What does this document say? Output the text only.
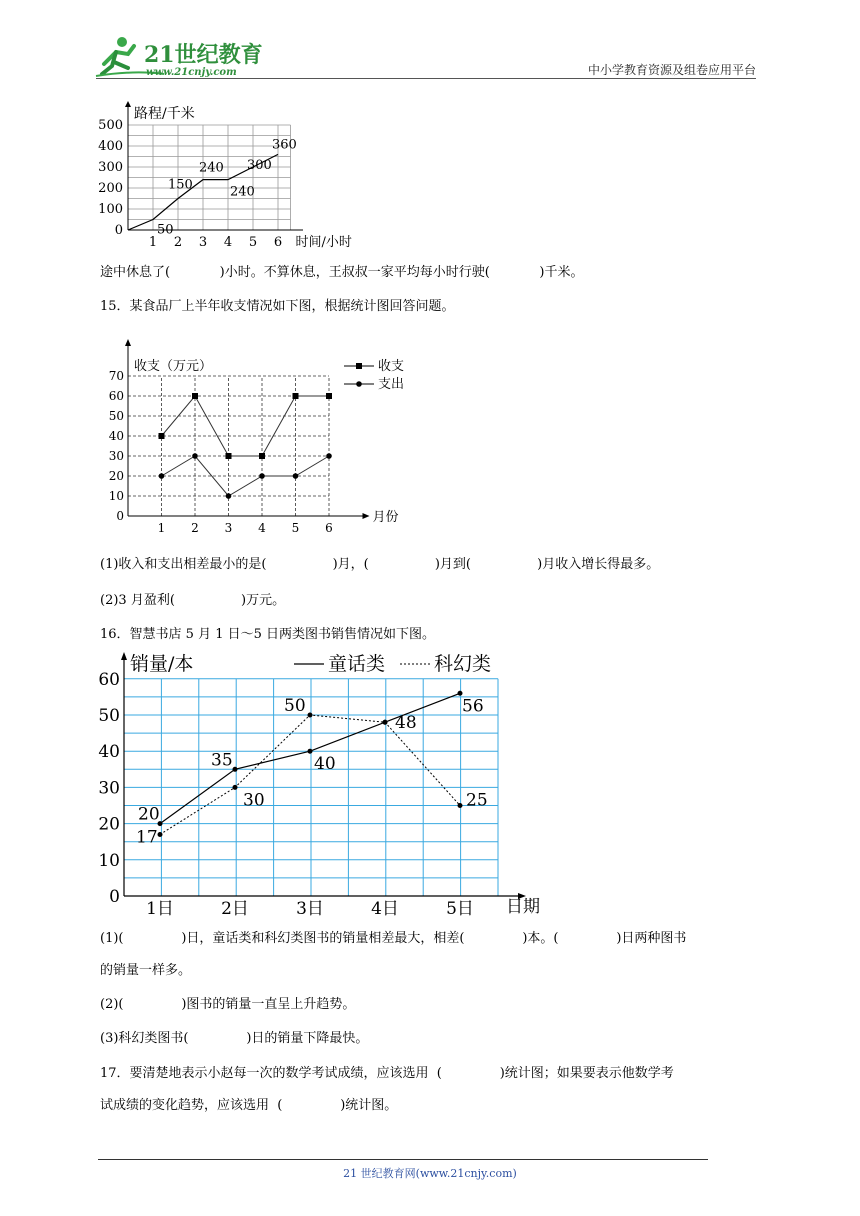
21世纪教育
www.21cnjy.com	中小学教育资源及组卷应用平台
路程/千米
时间/小时
0
100
200
300
400
500
1 2 3 4 5 6
50
150
240
240
300
360
途中休息了(            )小时。不算休息，王叔叔一家平均每小时行驶(            )千米。
15．某食品厂上半年收支情况如下图，根据统计图回答问题。
收支（万元）
月份
0
10
20
30
40
50
60
70
1 2 3 4 5 6
收支
支出
(1)收入和支出相差最小的是(                )月，(                )月到(                )月收入增长得最多。
(2)3 月盈利(                )万元。
16．智慧书店 5 月 1 日～5 日两类图书销售情况如下图。
销量/本
日期
0
10
20
30
40
50
60
1日	2日	3日	4日	5日
20
35	40
48
56
17
30
50
25
童话类	科幻类
(1)(              )日，童话类和科幻类图书的销量相差最大，相差(              )本。(              )日两种图书
的销量一样多。
(2)(              )图书的销量一直呈上升趋势。
(3)科幻类图书(              )日的销量下降最快。
17．要清楚地表示小赵每一次的数学考试成绩，应该选用  (              )统计图；如果要表示他数学考
试成绩的变化趋势，应该选用  (              )统计图。
21 世纪教育网(www.21cnjy.com)
